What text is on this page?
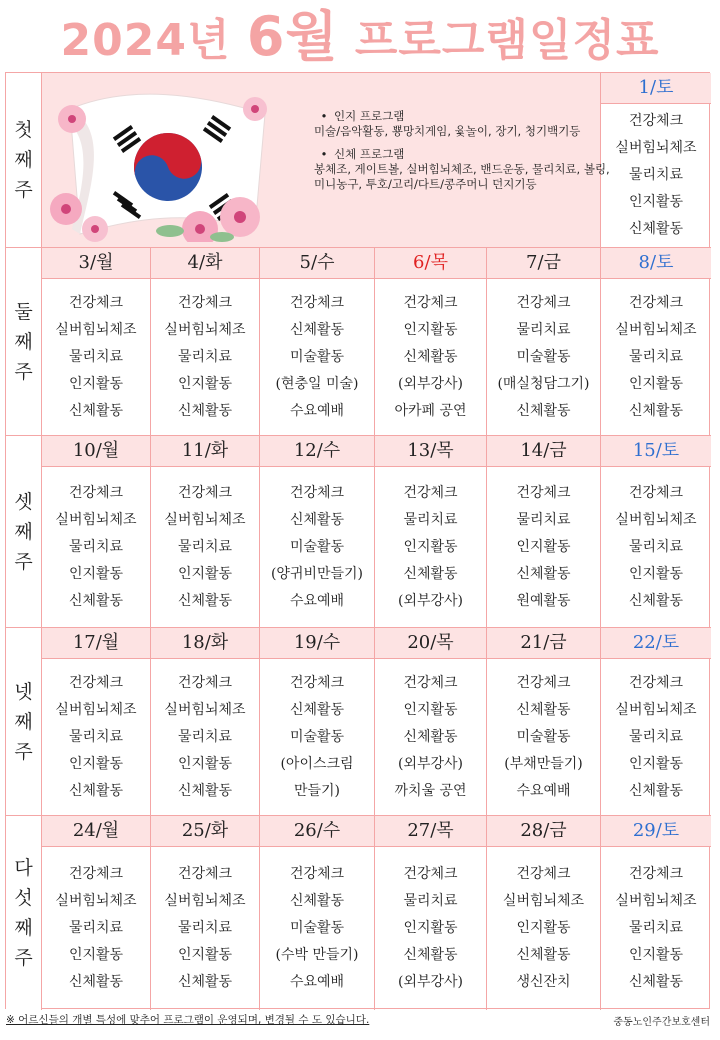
2024년 6월 프로그램일정표
첫
째
주
• 인지 프로그램
미술/음악활동, 뿅망치게임, 윷놀이, 장기, 청기백기등
• 신체 프로그램
봉체조, 게이트볼, 실버힘뇌체조, 밴드운동, 물리치료, 볼링, 미니농구, 투호/고리/다트/콩주머니 던지기등
1/토
건강체크
실버힘뇌체조
물리치료
인지활동
신체활동
둘
째
주
3/월
건강체크
실버힘뇌체조
물리치료
인지활동
신체활동
4/화
건강체크
실버힘뇌체조
물리치료
인지활동
신체활동
5/수
건강체크
신체활동
미술활동
(현충일 미술)
수요예배
6/목
건강체크
인지활동
신체활동
(외부강사)
아카페 공연
7/금
건강체크
물리치료
미술활동
(매실청담그기)
신체활동
8/토
건강체크
실버힘뇌체조
물리치료
인지활동
신체활동
셋
째
주
10/월
건강체크
실버힘뇌체조
물리치료
인지활동
신체활동
11/화
건강체크
실버힘뇌체조
물리치료
인지활동
신체활동
12/수
건강체크
신체활동
미술활동
(양귀비만들기)
수요예배
13/목
건강체크
물리치료
인지활동
신체활동
(외부강사)
14/금
건강체크
물리치료
인지활동
신체활동
원예활동
15/토
건강체크
실버힘뇌체조
물리치료
인지활동
신체활동
넷
째
주
17/월
건강체크
실버힘뇌체조
물리치료
인지활동
신체활동
18/화
건강체크
실버힘뇌체조
물리치료
인지활동
신체활동
19/수
건강체크
신체활동
미술활동
(아이스크림
만들기)
20/목
건강체크
인지활동
신체활동
(외부강사)
까치울 공연
21/금
건강체크
신체활동
미술활동
(부채만들기)
수요예배
22/토
건강체크
실버힘뇌체조
물리치료
인지활동
신체활동
다
섯
째
주
24/월
건강체크
실버힘뇌체조
물리치료
인지활동
신체활동
25/화
건강체크
실버힘뇌체조
물리치료
인지활동
신체활동
26/수
건강체크
신체활동
미술활동
(수박 만들기)
수요예배
27/목
건강체크
물리치료
인지활동
신체활동
(외부강사)
28/금
건강체크
실버힘뇌체조
인지활동
신체활동
생신잔치
29/토
건강체크
실버힘뇌체조
물리치료
인지활동
신체활동
※ 어르신들의 개별 특성에 맞추어 프로그램이 운영되며, 변경될 수 도 있습니다.	중동노인주간보호센터
